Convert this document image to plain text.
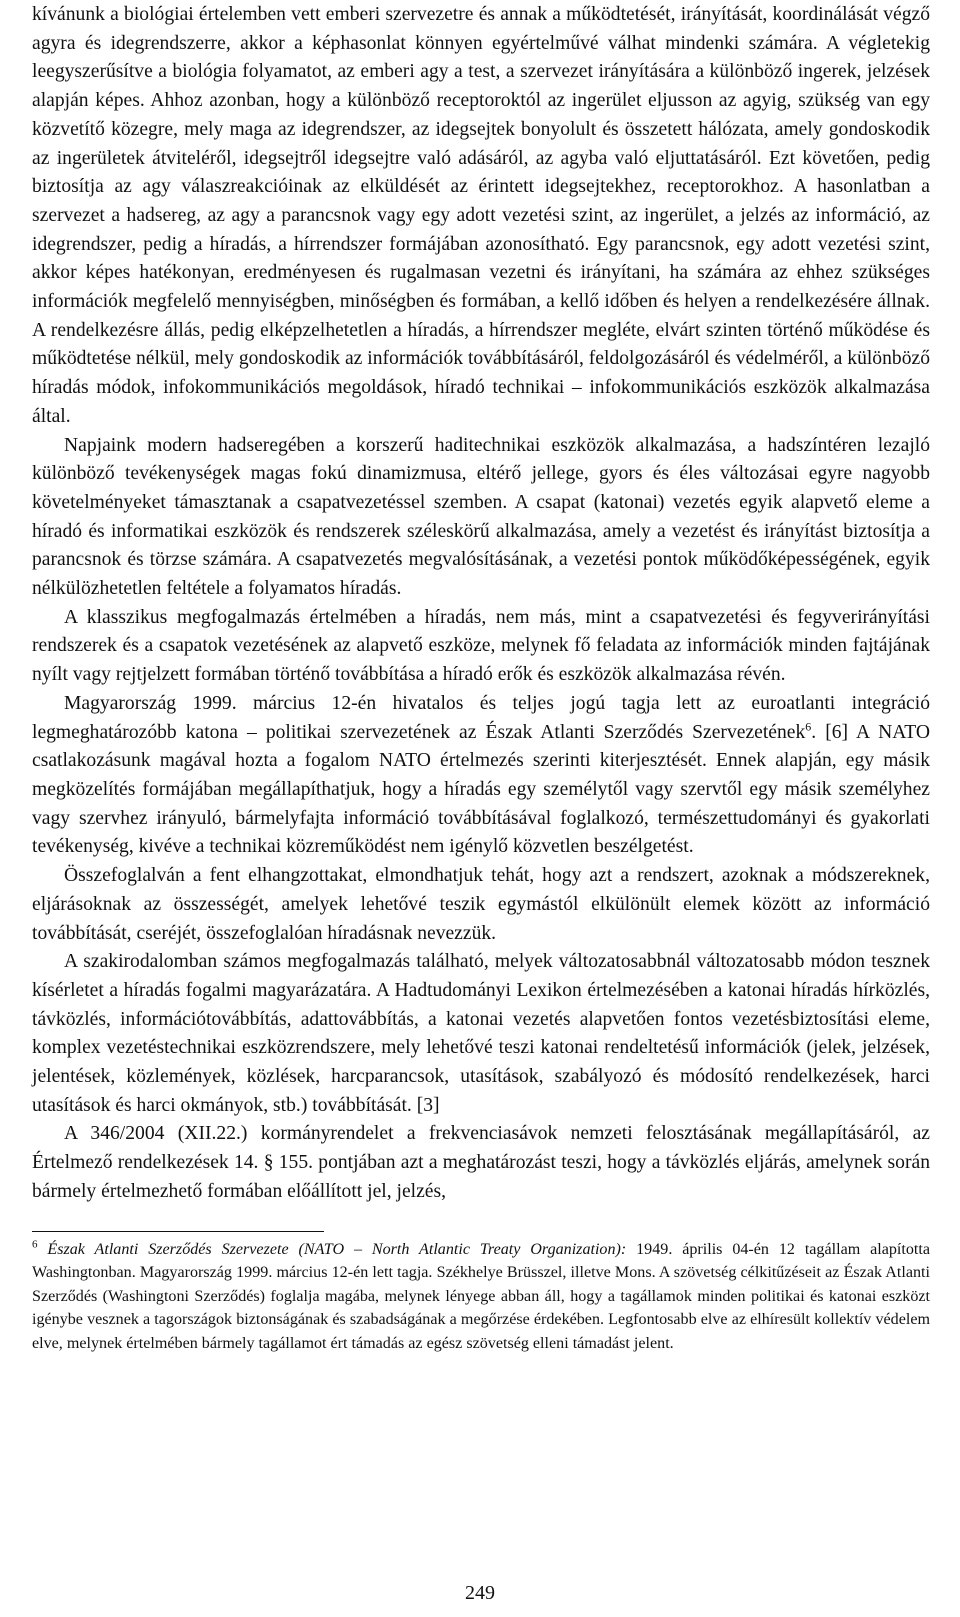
kívánunk a biológiai értelemben vett emberi szervezetre és annak a működtetését, irányítását, koordinálását végző agyra és idegrendszerre, akkor a képhasonlat könnyen egyértelművé válhat mindenki számára. A végletekig leegyszerűsítve a biológia folyamatot, az emberi agy a test, a szervezet irányítására a különböző ingerek, jelzések alapján képes. Ahhoz azonban, hogy a különböző receptoroktól az ingerület eljusson az agyig, szükség van egy közvetítő közegre, mely maga az idegrendszer, az idegsejtek bonyolult és összetett hálózata, amely gondoskodik az ingerületek átviteléről, idegsejtről idegsejtre való adásáról, az agyba való eljuttatásáról. Ezt követően, pedig biztosítja az agy válaszreakcióinak az elküldését az érintett idegsejtekhez, receptorokhoz. A hasonlatban a szervezet a hadsereg, az agy a parancsnok vagy egy adott vezetési szint, az ingerület, a jelzés az információ, az idegrendszer, pedig a híradás, a hírrendszer formájában azonosítható. Egy parancsnok, egy adott vezetési szint, akkor képes hatékonyan, eredményesen és rugalmasan vezetni és irányítani, ha számára az ehhez szükséges információk megfelelő mennyiségben, minőségben és formában, a kellő időben és helyen a rendelkezésére állnak. A rendelkezésre állás, pedig elképzelhetetlen a híradás, a hírrendszer megléte, elvárt szinten történő működése és működtetése nélkül, mely gondoskodik az információk továbbításáról, feldolgozásáról és védelméről, a különböző híradás módok, infokommunikációs megoldások, híradó technikai – infokommunikációs eszközök alkalmazása által.

Napjaink modern hadseregében a korszerű haditechnikai eszközök alkalmazása, a hadszíntéren lezajló különböző tevékenységek magas fokú dinamizmusa, eltérő jellege, gyors és éles változásai egyre nagyobb követelményeket támasztanak a csapatvezetéssel szemben. A csapat (katonai) vezetés egyik alapvető eleme a híradó és informatikai eszközök és rendszerek széleskörű alkalmazása, amely a vezetést és irányítást biztosítja a parancsnok és törzse számára. A csapatvezetés megvalósításának, a vezetési pontok működőképességének, egyik nélkülözhetetlen feltétele a folyamatos híradás.

A klasszikus megfogalmazás értelmében a híradás, nem más, mint a csapatvezetési és fegyverirányítási rendszerek és a csapatok vezetésének az alapvető eszköze, melynek fő feladata az információk minden fajtájának nyílt vagy rejtjelzett formában történő továbbítása a híradó erők és eszközök alkalmazása révén.

Magyarország 1999. március 12-én hivatalos és teljes jogú tagja lett az euroatlanti integráció legmeghatározóbb katona – politikai szervezetének az Észak Atlanti Szerződés Szervezetének$^6$. [6] A NATO csatlakozásunk magával hozta a fogalom NATO értelmezés szerinti kiterjesztését. Ennek alapján, egy másik megközelítés formájában megállapíthatjuk, hogy a híradás egy személytől vagy szervtől egy másik személyhez vagy szervhez irányuló, bármelyfajta információ továbbításával foglalkozó, természettudományi és gyakorlati tevékenység, kivéve a technikai közreműködést nem igénylő közvetlen beszélgetést.

Összefoglalván a fent elhangzottakat, elmondhatjuk tehát, hogy azt a rendszert, azoknak a módszereknek, eljárásoknak az összességét, amelyek lehetővé teszik egymástól elkülönült elemek között az információ továbbítását, cseréjét, összefoglalóan híradásnak nevezzük.

A szakirodalomban számos megfogalmazás található, melyek változatosabbnál változatosabb módon tesznek kísérletet a híradás fogalmi magyarázatára. A Hadtudományi Lexikon értelmezésében a katonai híradás hírközlés, távközlés, információtovábbítás, adattovábbítás, a katonai vezetés alapvetően fontos vezetésbiztosítási eleme, komplex vezetéstechnikai eszközrendszere, mely lehetővé teszi katonai rendeltetésű információk (jelek, jelzések, jelentések, közlemények, közlések, harcparancsok, utasítások, szabályozó és módosító rendelkezések, harci utasítások és harci okmányok, stb.) továbbítását. [3]

A 346/2004 (XII.22.) kormányrendelet a frekvenciasávok nemzeti felosztásának megállapításáról, az Értelmező rendelkezések 14. § 155. pontjában azt a meghatározást teszi, hogy a távközlés eljárás, amelynek során bármely értelmezhető formában előállított jel, jelzés,

$^6$ Észak Atlanti Szerződés Szervezete (NATO – North Atlantic Treaty Organization): 1949. április 04-én 12 tagállam alapította Washingtonban. Magyarország 1999. március 12-én lett tagja. Székhelye Brüsszel, illetve Mons. A szövetség célkitűzéseit az Észak Atlanti Szerződés (Washingtoni Szerződés) foglalja magába, melynek lényege abban áll, hogy a tagállamok minden politikai és katonai eszközt igénybe vesznek a tagországok biztonságának és szabadságának a megőrzése érdekében. Legfontosabb elve az elhíresült kollektív védelem elve, melynek értelmében bármely tagállamot ért támadás az egész szövetség elleni támadást jelent.

249
